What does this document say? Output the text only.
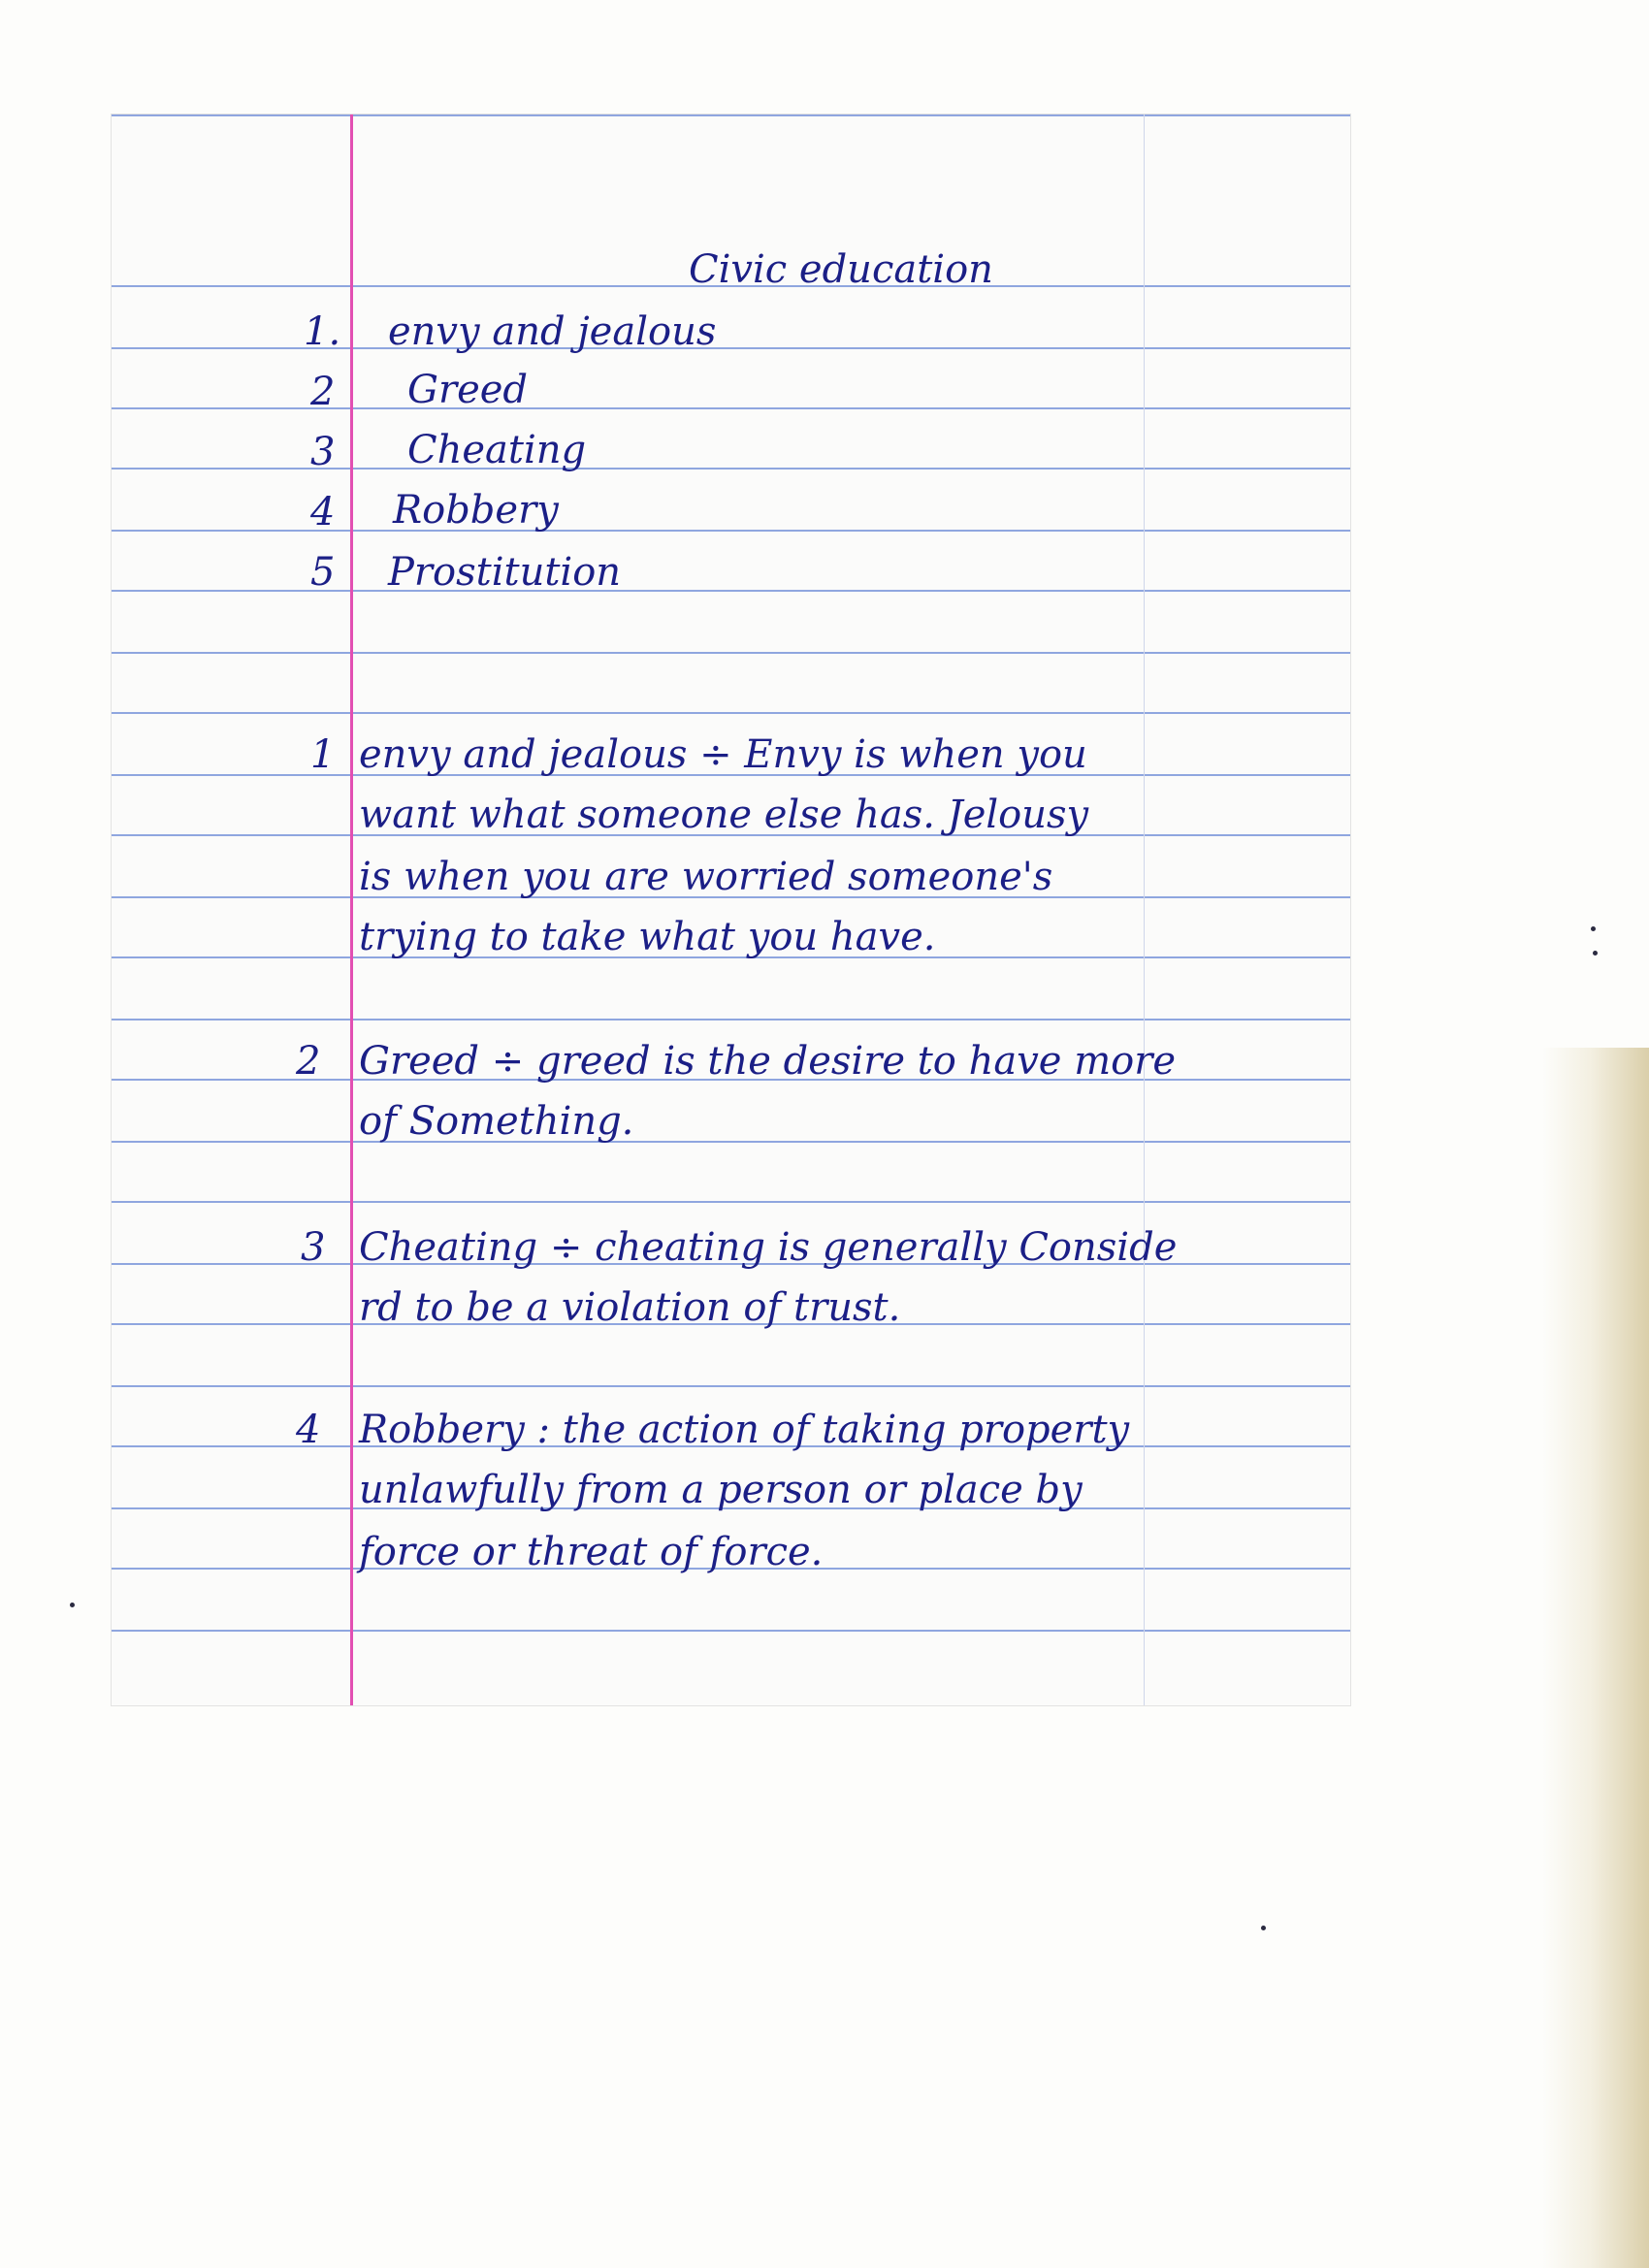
Civic education
1. envy and jealous
2 Greed
3 Cheating
4 Robbery
5 Prostitution
1 envy and jealous ÷ Envy is when you
want what someone else has. Jelousy
is when you are worried someone's
trying to take what you have.
2 Greed ÷ greed is the desire to have more
of Something.
3 Cheating ÷ cheating is generally Conside
rd to be a violation of trust.
4 Robbery : the action of taking property
unlawfully from a person or place by
force or threat of force.
